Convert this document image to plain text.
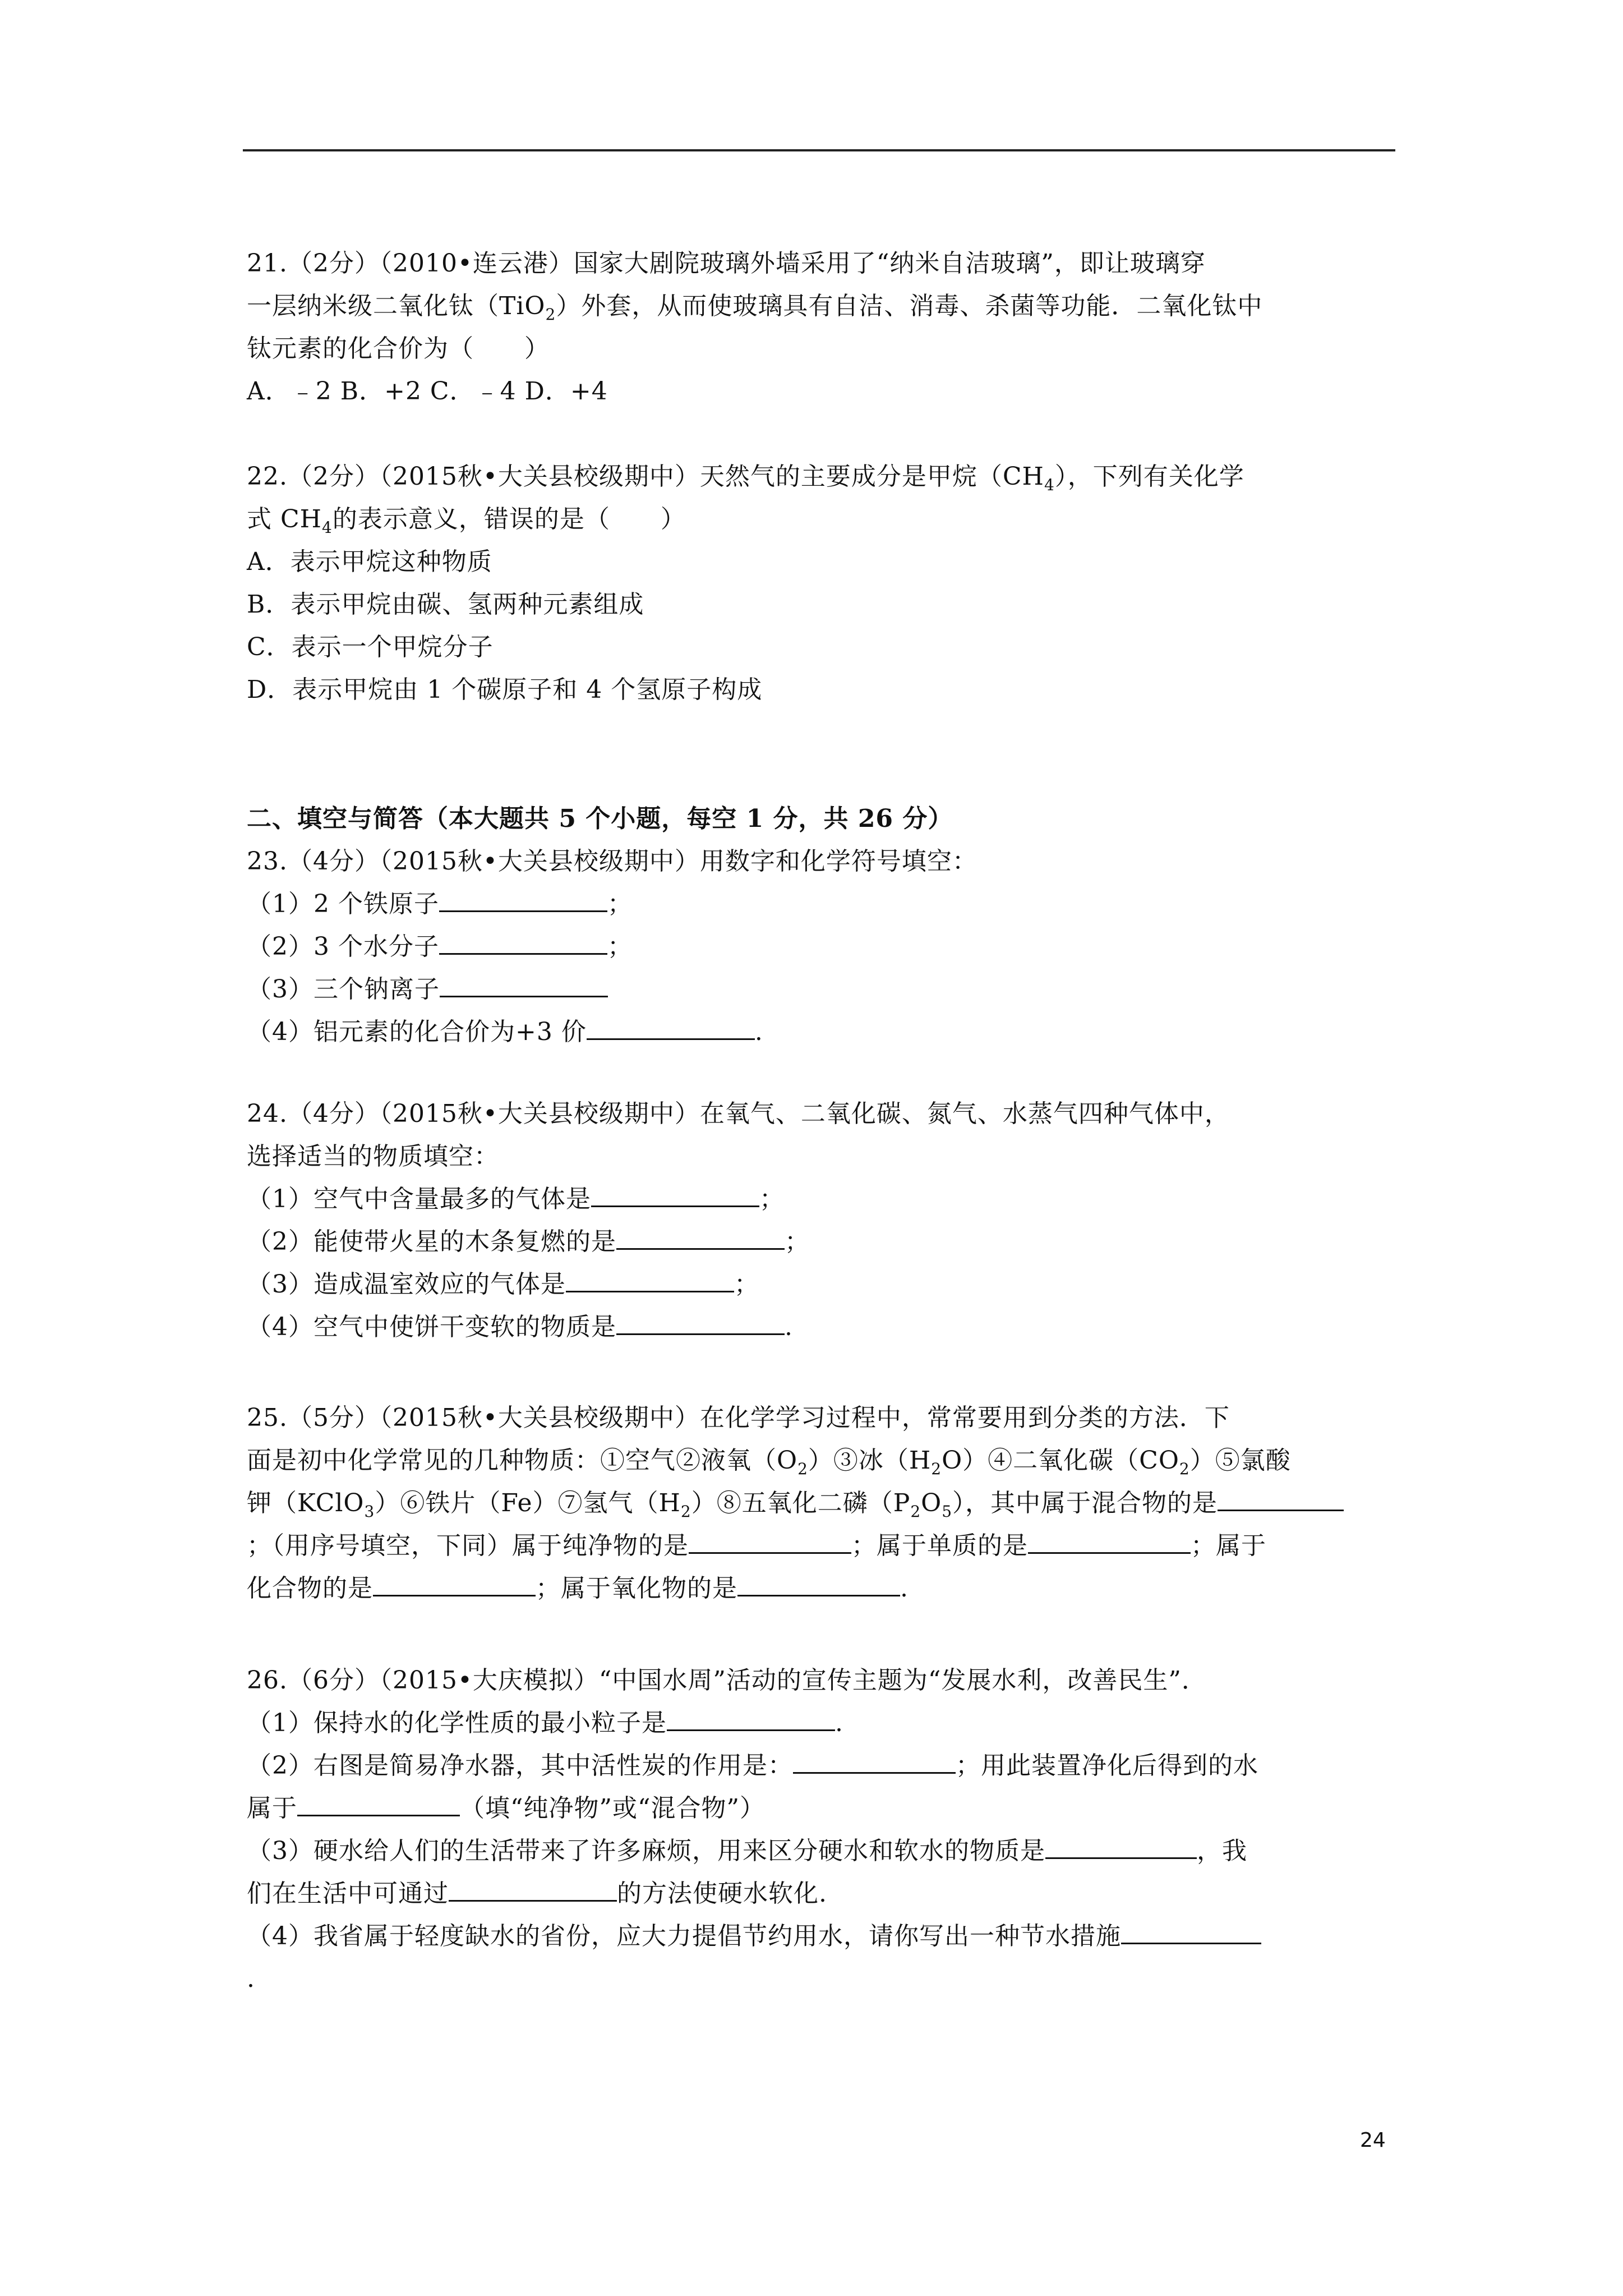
21.（2分）（2010•连云港）国家大剧院玻璃外墙采用了“纳米自洁玻璃”，即让玻璃穿
一层纳米级二氧化钛（TiO$_2$）外套，从而使玻璃具有自洁、消毒、杀菌等功能．二氧化钛中
钛元素的化合价为（　　）
A．﹣2 B．+2 C．﹣4 D．+4
22.（2分）（2015秋•大关县校级期中）天然气的主要成分是甲烷$(CH_4)$，下列有关化学
式 $CH_4$的表示意义，错误的是（　　）
A．表示甲烷这种物质
B．表示甲烷由碳、氢两种元素组成
C．表示一个甲烷分子
D．表示甲烷由 1 个碳原子和 4 个氢原子构成
二、填空与简答（本大题共 5 个小题，每空 1 分，共 26 分）
23.（4分）（2015秋•大关县校级期中）用数字和化学符号填空：
（1）2 个铁原子	；
（2）3 个水分子	；
（3）三个钠离子
（4）铝元素的化合价为+3 价	.
24.（4分）（2015秋•大关县校级期中）在氧气、二氧化碳、氮气、水蒸气四种气体中，
选择适当的物质填空：
（1）空气中含量最多的气体是	；
（2）能使带火星的木条复燃的是	；
（3）造成温室效应的气体是	；
（4）空气中使饼干变软的物质是	.
25.（5分）（2015秋•大关县校级期中）在化学学习过程中，常常要用到分类的方法．下
面是初中化学常见的几种物质：①空气②液氧$(O_2)③$冰$(H_2O)④$二氧化碳$(CO_2)⑤$氯酸
钾（KClO$_3$）⑥铁片（Fe）⑦氢气$(H_2)⑧$五氧化二磷$(P_2O_5)$，其中属于混合物的是
；（用序号填空，下同）属于纯净物的是	；属于单质的是	；属于
化合物的是	；属于氧化物的是	.
26.（6分）（2015•大庆模拟）“中国水周”活动的宣传主题为“发展水利，改善民生”．
（1）保持水的化学性质的最小粒子是	.
（2）右图是简易净水器，其中活性炭的作用是：	；用此装置净化后得到的水
属于	（填“纯净物”或“混合物”）
（3）硬水给人们的生活带来了许多麻烦，用来区分硬水和软水的物质是	，我
们在生活中可通过	的方法使硬水软化.
（4）我省属于轻度缺水的省份，应大力提倡节约用水，请你写出一种节水措施
.
24
